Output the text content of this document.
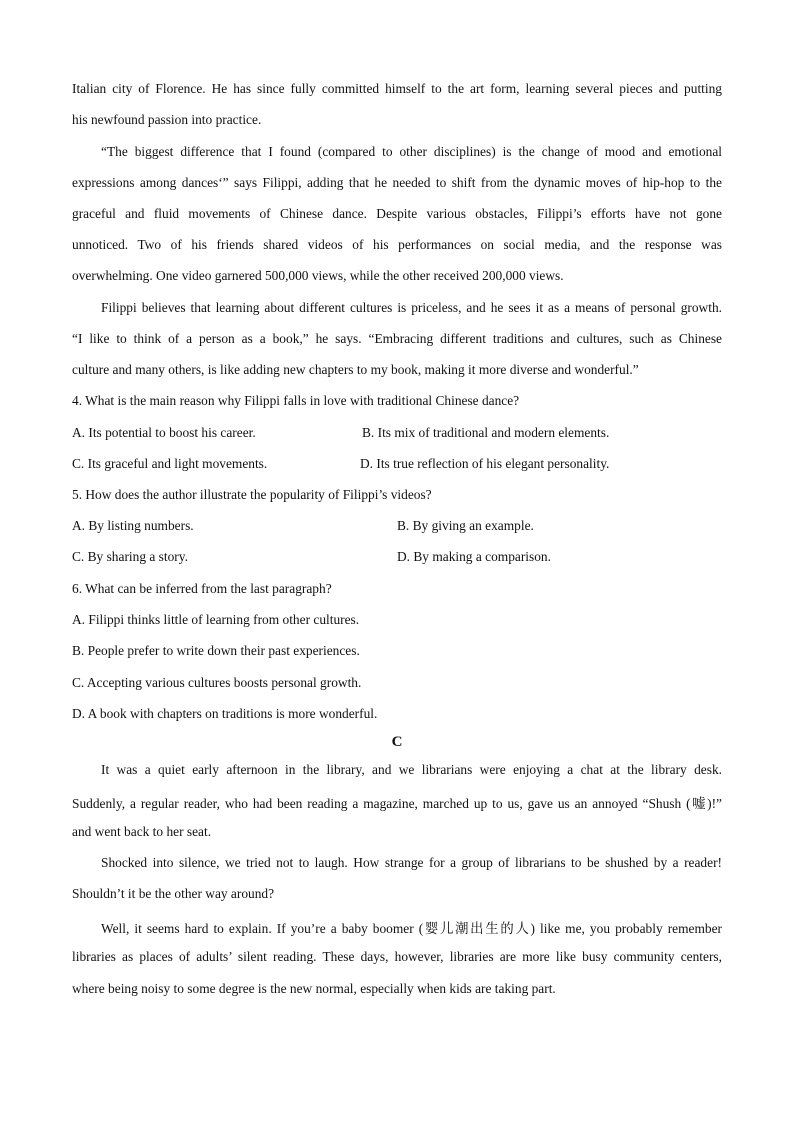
Italian city of Florence. He has since fully committed himself to the art form, learning several pieces and putting
his newfound passion into practice.
“The biggest difference that I found (compared to other disciplines) is the change of mood and emotional
expressions among dances‘” says Filippi, adding that he needed to shift from the dynamic moves of hip-hop to the
graceful and fluid movements of Chinese dance. Despite various obstacles, Filippi’s efforts have not gone
unnoticed. Two of his friends shared videos of his performances on social media, and the response was
overwhelming. One video garnered 500,000 views, while the other received 200,000 views.
Filippi believes that learning about different cultures is priceless, and he sees it as a means of personal growth.
“I like to think of a person as a book,” he says. “Embracing different traditions and cultures, such as Chinese
culture and many others, is like adding new chapters to my book, making it more diverse and wonderful.”
4. What is the main reason why Filippi falls in love with traditional Chinese dance?
A. Its potential to boost his career.	B. Its mix of traditional and modern elements.
C. Its graceful and light movements.	D. Its true reflection of his elegant personality.
5. How does the author illustrate the popularity of Filippi’s videos?
A. By listing numbers.	B. By giving an example.
C. By sharing a story.	D. By making a comparison.
6. What can be inferred from the last paragraph?
A. Filippi thinks little of learning from other cultures.
B. People prefer to write down their past experiences.
C. Accepting various cultures boosts personal growth.
D. A book with chapters on traditions is more wonderful.
C
It was a quiet early afternoon in the library, and we librarians were enjoying a chat at the library desk.
Suddenly, a regular reader, who had been reading a magazine, marched up to us, gave us an annoyed “Shush (嘘)!”
and went back to her seat.
Shocked into silence, we tried not to laugh. How strange for a group of librarians to be shushed by a reader!
Shouldn’t it be the other way around?
Well, it seems hard to explain. If you’re a baby boomer (婴儿潮出生的人) like me, you probably remember
libraries as places of adults’ silent reading. These days, however, libraries are more like busy community centers,
where being noisy to some degree is the new normal, especially when kids are taking part.
